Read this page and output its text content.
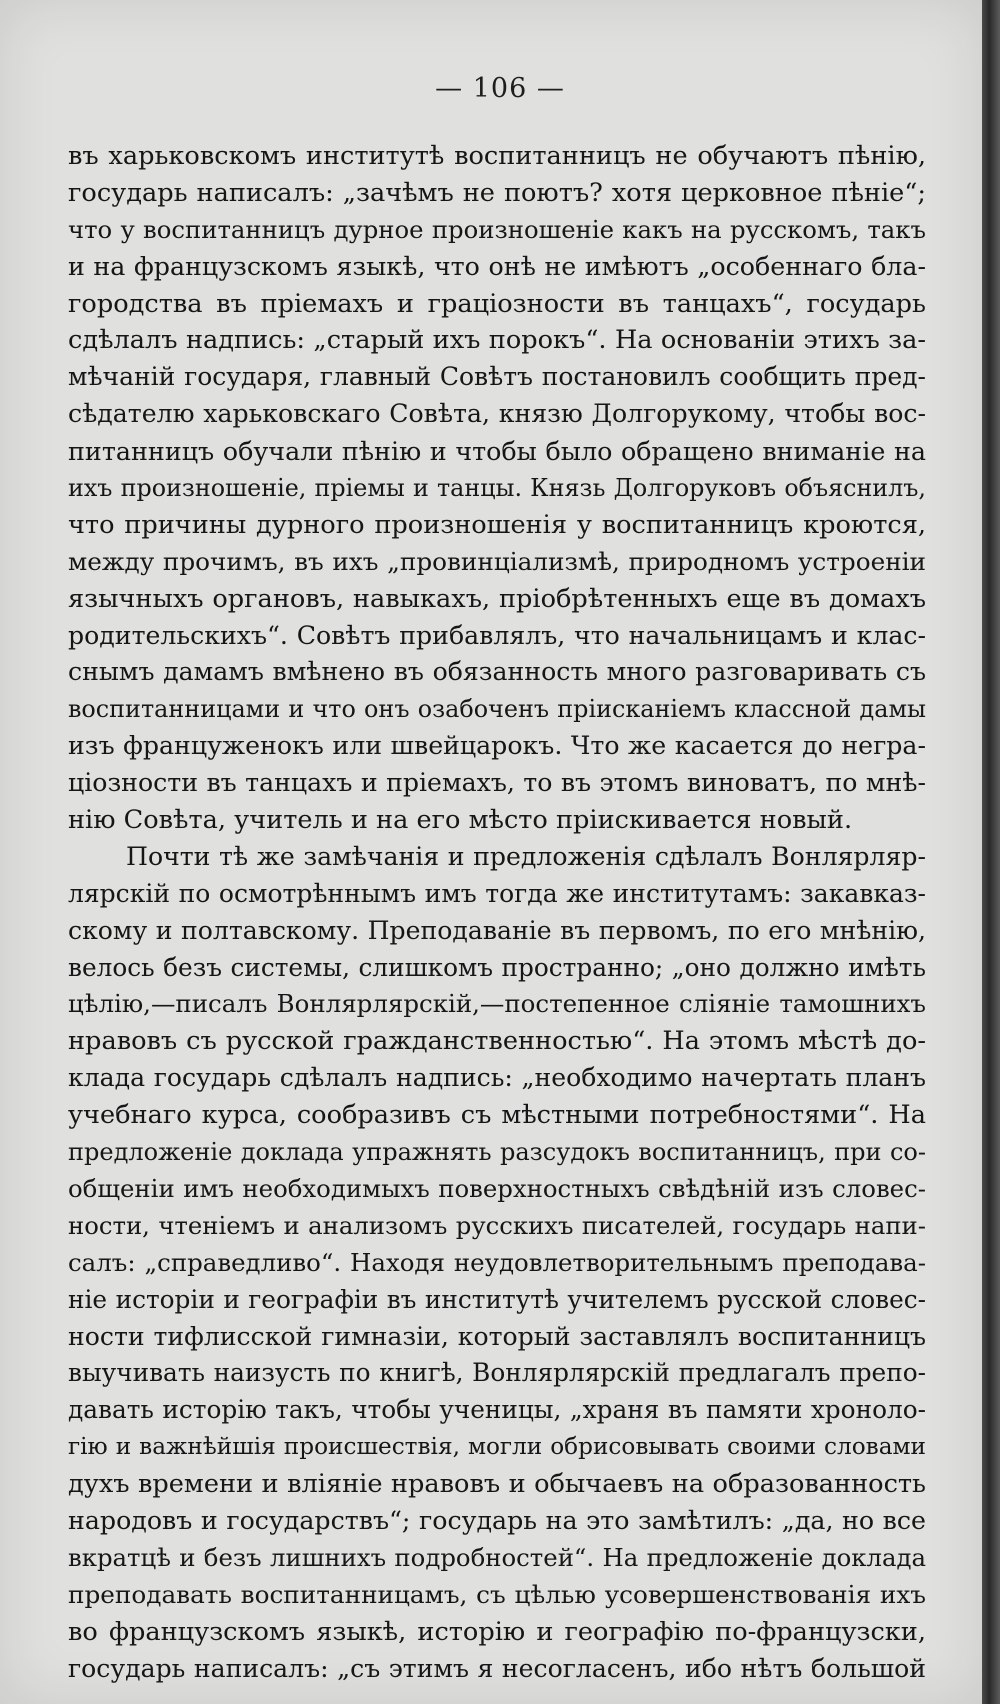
— 106 —
въ харьковскомъ институтѣ воспитанницъ не обучаютъ пѣнію,
государь написалъ: „зачѣмъ не поютъ? хотя церковное пѣніе“;
что у воспитанницъ дурное произношеніе какъ на русскомъ, такъ
и на французскомъ языкѣ, что онѣ не имѣютъ „особеннаго бла-
городства въ пріемахъ и граціозности въ танцахъ“, государь
сдѣлалъ надпись: „старый ихъ порокъ“. На основаніи этихъ за-
мѣчаній государя, главный Совѣтъ постановилъ сообщить пред-
сѣдателю харьковскаго Совѣта, князю Долгорукому, чтобы вос-
питанницъ обучали пѣнію и чтобы было обращено вниманіе на
ихъ произношеніе, пріемы и танцы. Князь Долгоруковъ объяснилъ,
что причины дурного произношенія у воспитанницъ кроются,
между прочимъ, въ ихъ „провинціализмѣ, природномъ устроеніи
язычныхъ органовъ, навыкахъ, пріобрѣтенныхъ еще въ домахъ
родительскихъ“. Совѣтъ прибавлялъ, что начальницамъ и клас-
снымъ дамамъ вмѣнено въ обязанность много разговаривать съ
воспитанницами и что онъ озабоченъ пріисканіемъ классной дамы
изъ француженокъ или швейцарокъ. Что же касается до негра-
ціозности въ танцахъ и пріемахъ, то въ этомъ виноватъ, по мнѣ-
нію Совѣта, учитель и на его мѣсто пріискивается новый.
Почти тѣ же замѣчанія и предложенія сдѣлалъ Вонлярляр-
лярскій по осмотрѣннымъ имъ тогда же институтамъ: закавказ-
скому и полтавскому. Преподаваніе въ первомъ, по его мнѣнію,
велось безъ системы, слишкомъ пространно; „оно должно имѣть
цѣлію,—писалъ Вонлярлярскій,—постепенное сліяніе тамошнихъ
нравовъ съ русской гражданственностью“. На этомъ мѣстѣ до-
клада государь сдѣлалъ надпись: „необходимо начертать планъ
учебнаго курса, сообразивъ съ мѣстными потребностями“. На
предложеніе доклада упражнять разсудокъ воспитанницъ, при со-
общеніи имъ необходимыхъ поверхностныхъ свѣдѣній изъ словес-
ности, чтеніемъ и анализомъ русскихъ писателей, государь напи-
салъ: „справедливо“. Находя неудовлетворительнымъ преподава-
ніе исторіи и географіи въ институтѣ учителемъ русской словес-
ности тифлисской гимназіи, который заставлялъ воспитанницъ
выучивать наизусть по книгѣ, Вонлярлярскій предлагалъ препо-
давать исторію такъ, чтобы ученицы, „храня въ памяти хроноло-
гію и важнѣйшія происшествія, могли обрисовывать своими словами
духъ времени и вліяніе нравовъ и обычаевъ на образованность
народовъ и государствъ“; государь на это замѣтилъ: „да, но все
вкратцѣ и безъ лишнихъ подробностей“. На предложеніе доклада
преподавать воспитанницамъ, съ цѣлью усовершенствованія ихъ
во французскомъ языкѣ, исторію и географію по-французски,
государь написалъ: „съ этимъ я несогласенъ, ибо нѣтъ большой
